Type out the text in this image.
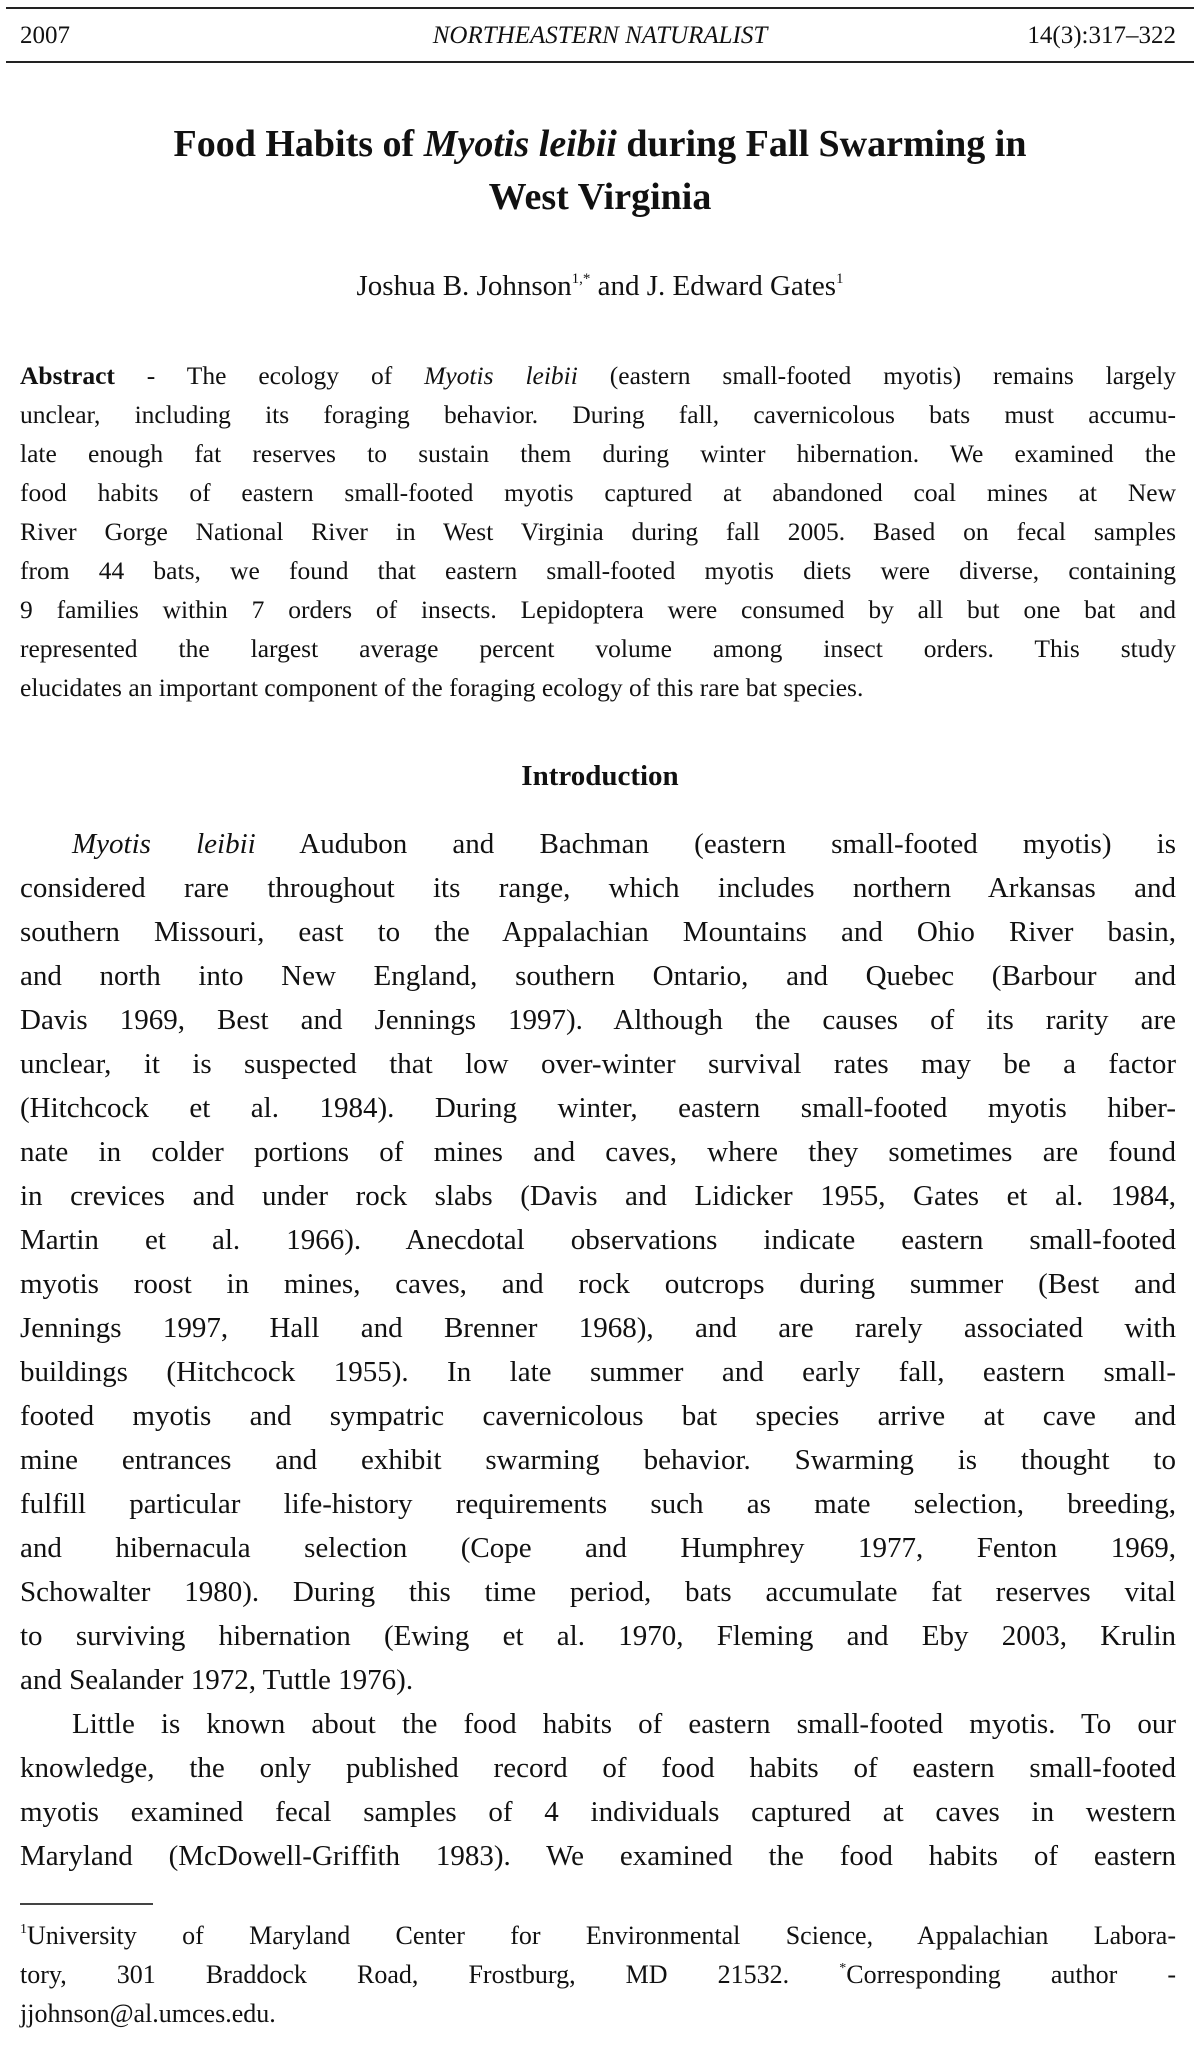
2007	NORTHEASTERN NATURALIST	14(3):317–322
Food Habits of Myotis leibii during Fall Swarming in
West Virginia
Joshua B. Johnson$^{1,*}$ and J. Edward Gates$^1$
Abstract - The ecology of Myotis leibii (eastern small-footed myotis) remains largely
unclear, including its foraging behavior. During fall, cavernicolous bats must accumu-
late enough fat reserves to sustain them during winter hibernation. We examined the
food habits of eastern small-footed myotis captured at abandoned coal mines at New
River Gorge National River in West Virginia during fall 2005. Based on fecal samples
from 44 bats, we found that eastern small-footed myotis diets were diverse, containing
9 families within 7 orders of insects. Lepidoptera were consumed by all but one bat and
represented the largest average percent volume among insect orders. This study
elucidates an important component of the foraging ecology of this rare bat species.
Introduction
Myotis leibii Audubon and Bachman (eastern small-footed myotis) is
considered rare throughout its range, which includes northern Arkansas and
southern Missouri, east to the Appalachian Mountains and Ohio River basin,
and north into New England, southern Ontario, and Quebec (Barbour and
Davis 1969, Best and Jennings 1997). Although the causes of its rarity are
unclear, it is suspected that low over-winter survival rates may be a factor
(Hitchcock et al. 1984). During winter, eastern small-footed myotis hiber-
nate in colder portions of mines and caves, where they sometimes are found
in crevices and under rock slabs (Davis and Lidicker 1955, Gates et al. 1984,
Martin et al. 1966). Anecdotal observations indicate eastern small-footed
myotis roost in mines, caves, and rock outcrops during summer (Best and
Jennings 1997, Hall and Brenner 1968), and are rarely associated with
buildings (Hitchcock 1955). In late summer and early fall, eastern small-
footed myotis and sympatric cavernicolous bat species arrive at cave and
mine entrances and exhibit swarming behavior. Swarming is thought to
fulfill particular life-history requirements such as mate selection, breeding,
and hibernacula selection (Cope and Humphrey 1977, Fenton 1969,
Schowalter 1980). During this time period, bats accumulate fat reserves vital
to surviving hibernation (Ewing et al. 1970, Fleming and Eby 2003, Krulin
and Sealander 1972, Tuttle 1976).
Little is known about the food habits of eastern small-footed myotis. To our
knowledge, the only published record of food habits of eastern small-footed
myotis examined fecal samples of 4 individuals captured at caves in western
Maryland (McDowell-Griffith 1983). We examined the food habits of eastern
$^1$University of Maryland Center for Environmental Science, Appalachian Labora-
tory, 301 Braddock Road, Frostburg, MD 21532. *Corresponding author -
jjohnson@al.umces.edu.
